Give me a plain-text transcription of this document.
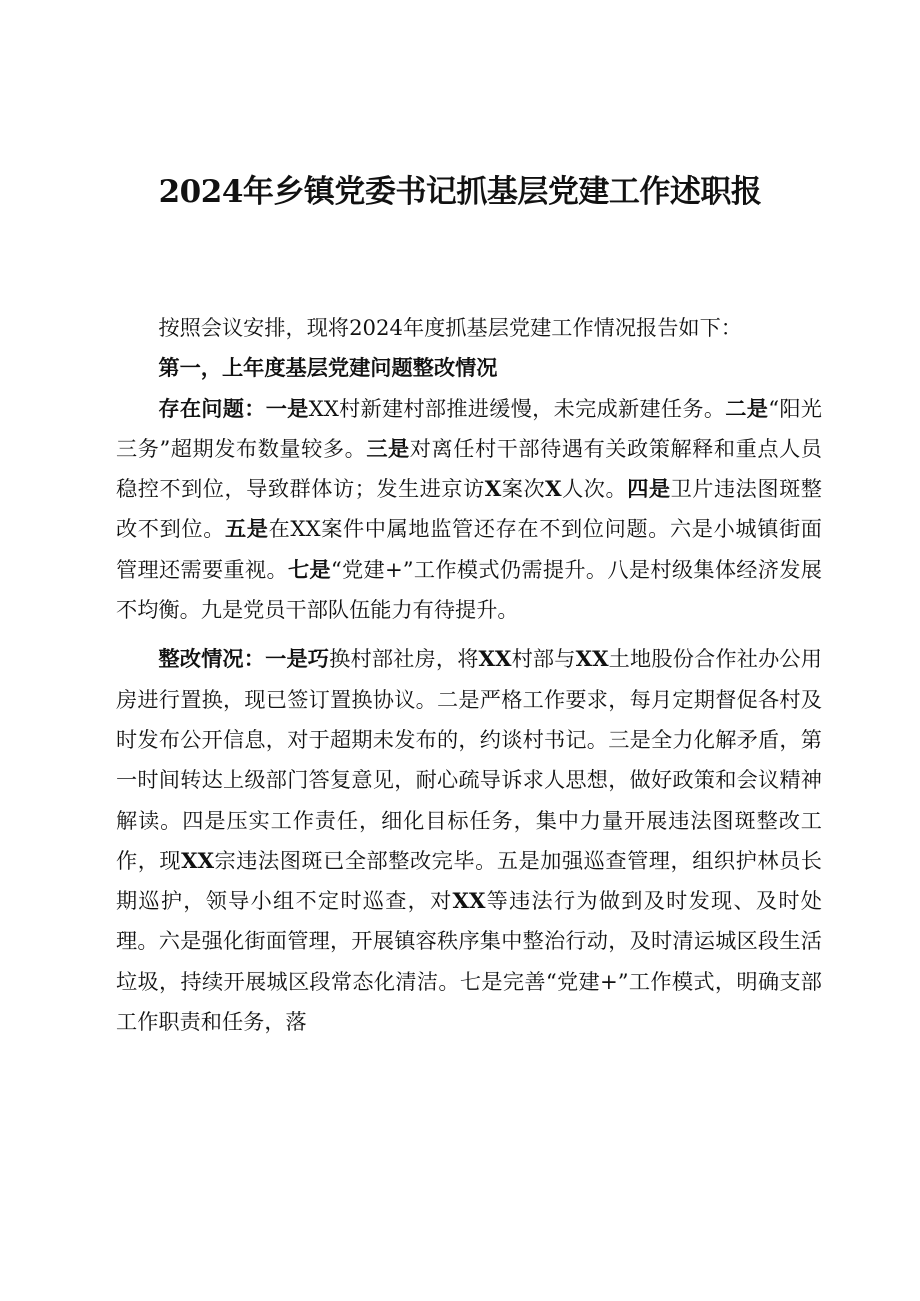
2024年乡镇党委书记抓基层党建工作述职报

按照会议安排，现将2024年度抓基层党建工作情况报告如下：

第一，上年度基层党建问题整改情况

存在问题：一是XX村新建村部推进缓慢，未完成新建任务。二是“阳光三务”超期发布数量较多。三是对离任村干部待遇有关政策解释和重点人员稳控不到位，导致群体访；发生进京访X案次X人次。四是卫片违法图斑整改不到位。五是在XX案件中属地监管还存在不到位问题。六是小城镇街面管理还需要重视。七是“党建+”工作模式仍需提升。八是村级集体经济发展不均衡。九是党员干部队伍能力有待提升。

整改情况：一是巧换村部社房，将XX村部与XX土地股份合作社办公用房进行置换，现已签订置换协议。二是严格工作要求，每月定期督促各村及时发布公开信息，对于超期未发布的，约谈村书记。三是全力化解矛盾，第一时间转达上级部门答复意见，耐心疏导诉求人思想，做好政策和会议精神解读。四是压实工作责任，细化目标任务，集中力量开展违法图斑整改工作，现XX宗违法图斑已全部整改完毕。五是加强巡查管理，组织护林员长期巡护，领导小组不定时巡查，对XX等违法行为做到及时发现、及时处理。六是强化街面管理，开展镇容秩序集中整治行动，及时清运城区段生活垃圾，持续开展城区段常态化清洁。七是完善“党建+”工作模式，明确支部工作职责和任务，落
